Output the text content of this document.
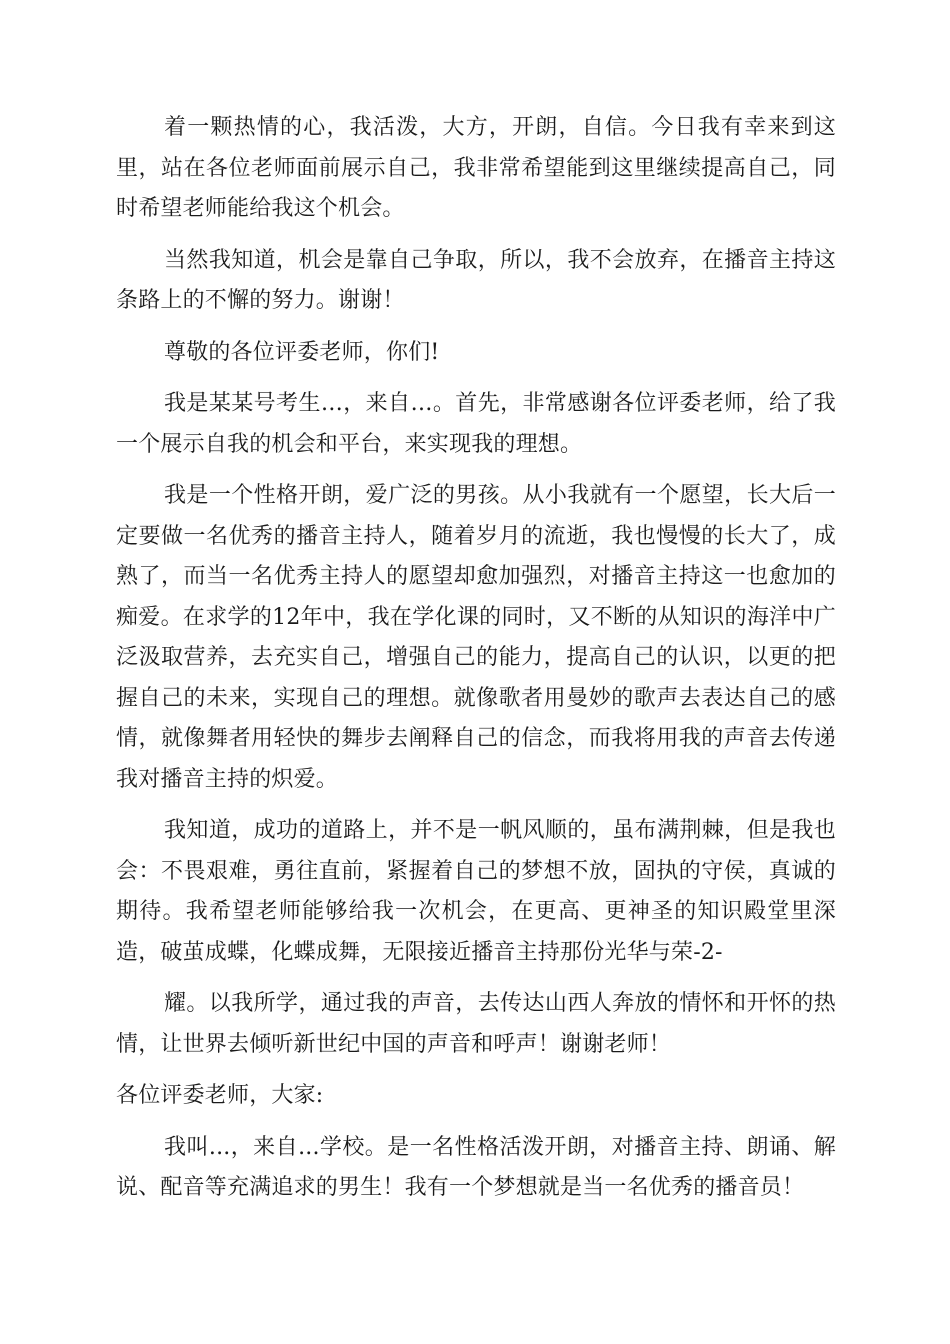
着一颗热情的心，我活泼，大方，开朗，自信。今日我有幸来到这里，站在各位老师面前展示自己，我非常希望能到这里继续提高自己，同时希望老师能给我这个机会。

当然我知道，机会是靠自己争取，所以，我不会放弃，在播音主持这条路上的不懈的努力。谢谢！

尊敬的各位评委老师，你们!

我是某某号考生…，来自…。首先，非常感谢各位评委老师，给了我一个展示自我的机会和平台，来实现我的理想。

我是一个性格开朗，爱广泛的男孩。从小我就有一个愿望，长大后一定要做一名优秀的播音主持人，随着岁月的流逝，我也慢慢的长大了，成熟了，而当一名优秀主持人的愿望却愈加强烈，对播音主持这一也愈加的痴爱。在求学的12年中，我在学化课的同时，又不断的从知识的海洋中广泛汲取营养，去充实自己，增强自己的能力，提高自己的认识，以更的把握自己的未来，实现自己的理想。就像歌者用曼妙的歌声去表达自己的感情，就像舞者用轻快的舞步去阐释自己的信念，而我将用我的声音去传递我对播音主持的炽爱。

我知道，成功的道路上，并不是一帆风顺的，虽布满荆棘，但是我也会：不畏艰难，勇往直前，紧握着自己的梦想不放，固执的守侯，真诚的期待。我希望老师能够给我一次机会，在更高、更神圣的知识殿堂里深造，破茧成蝶，化蝶成舞，无限接近播音主持那份光华与荣-2-

耀。以我所学，通过我的声音，去传达山西人奔放的情怀和开怀的热情，让世界去倾听新世纪中国的声音和呼声！谢谢老师！

各位评委老师，大家:

我叫...，来自...学校。是一名性格活泼开朗，对播音主持、朗诵、解说、配音等充满追求的男生！我有一个梦想就是当一名优秀的播音员！
